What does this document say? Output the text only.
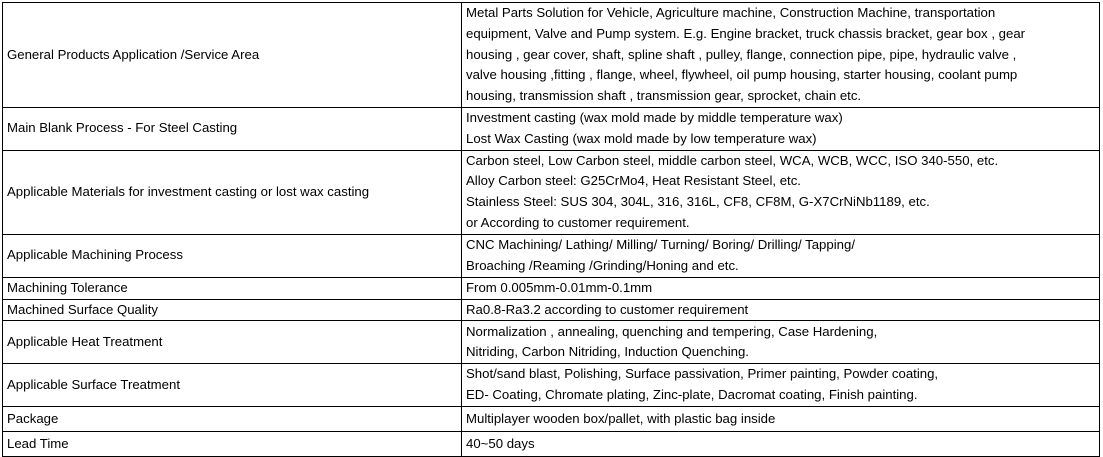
General Products Application /Service Area	Metal Parts Solution for Vehicle, Agriculture machine, Construction Machine, transportation
equipment, Valve and Pump system. E.g. Engine bracket, truck chassis bracket, gear box , gear
housing , gear cover, shaft, spline shaft , pulley, flange, connection pipe, pipe, hydraulic valve ,
valve housing ,fitting , flange, wheel, flywheel, oil pump housing, starter housing, coolant pump
housing, transmission shaft , transmission gear, sprocket, chain etc.

Main Blank Process - For Steel Casting	Investment casting (wax mold made by middle temperature wax)
Lost Wax Casting (wax mold made by low temperature wax)

Applicable Materials for investment casting or lost wax casting	Carbon steel, Low Carbon steel, middle carbon steel, WCA, WCB, WCC, ISO 340-550, etc.
Alloy Carbon steel: G25CrMo4, Heat Resistant Steel, etc.
Stainless Steel: SUS 304, 304L, 316, 316L, CF8, CF8M, G-X7CrNiNb1189, etc.
or According to customer requirement.

Applicable Machining Process	CNC Machining/ Lathing/ Milling/ Turning/ Boring/ Drilling/ Tapping/
Broaching /Reaming /Grinding/Honing and etc.

Machining Tolerance	From 0.005mm-0.01mm-0.1mm

Machined Surface Quality	Ra0.8-Ra3.2 according to customer requirement

Applicable Heat Treatment	Normalization , annealing, quenching and tempering, Case Hardening,
Nitriding, Carbon Nitriding, Induction Quenching.

Applicable Surface Treatment	Shot/sand blast, Polishing, Surface passivation, Primer painting, Powder coating,
ED- Coating, Chromate plating, Zinc-plate, Dacromat coating, Finish painting.

Package	Multiplayer wooden box/pallet, with plastic bag inside

Lead Time	40~50 days
